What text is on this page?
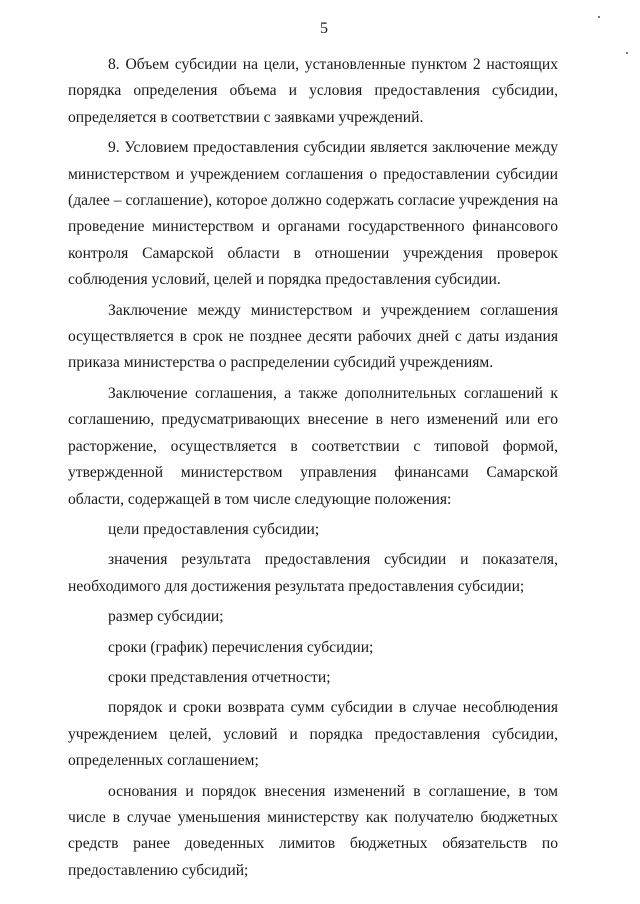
5

8. Объем субсидии на цели, установленные пунктом 2 настоящих порядка определения объема и условия предоставления субсидии, определяется в соответствии с заявками учреждений.

9. Условием предоставления субсидии является заключение между министерством и учреждением соглашения о предоставлении субсидии (далее – соглашение), которое должно содержать согласие учреждения на проведение министерством и органами государственного финансового контроля Самарской области в отношении учреждения проверок соблюдения условий, целей и порядка предоставления субсидии.

Заключение между министерством и учреждением соглашения осуществляется в срок не позднее десяти рабочих дней с даты издания приказа министерства о распределении субсидий учреждениям.

Заключение соглашения, а также дополнительных соглашений к соглашению, предусматривающих внесение в него изменений или его расторжение, осуществляется в соответствии с типовой формой, утвержденной министерством управления финансами Самарской области, содержащей в том числе следующие положения:

цели предоставления субсидии;

значения результата предоставления субсидии и показателя, необходимого для достижения результата предоставления субсидии;

размер субсидии;

сроки (график) перечисления субсидии;

сроки представления отчетности;

порядок и сроки возврата сумм субсидии в случае несоблюдения учреждением целей, условий и порядка предоставления субсидии, определенных соглашением;

основания и порядок внесения изменений в соглашение, в том числе в случае уменьшения министерству как получателю бюджетных средств ранее доведенных лимитов бюджетных обязательств по предоставлению субсидий;
